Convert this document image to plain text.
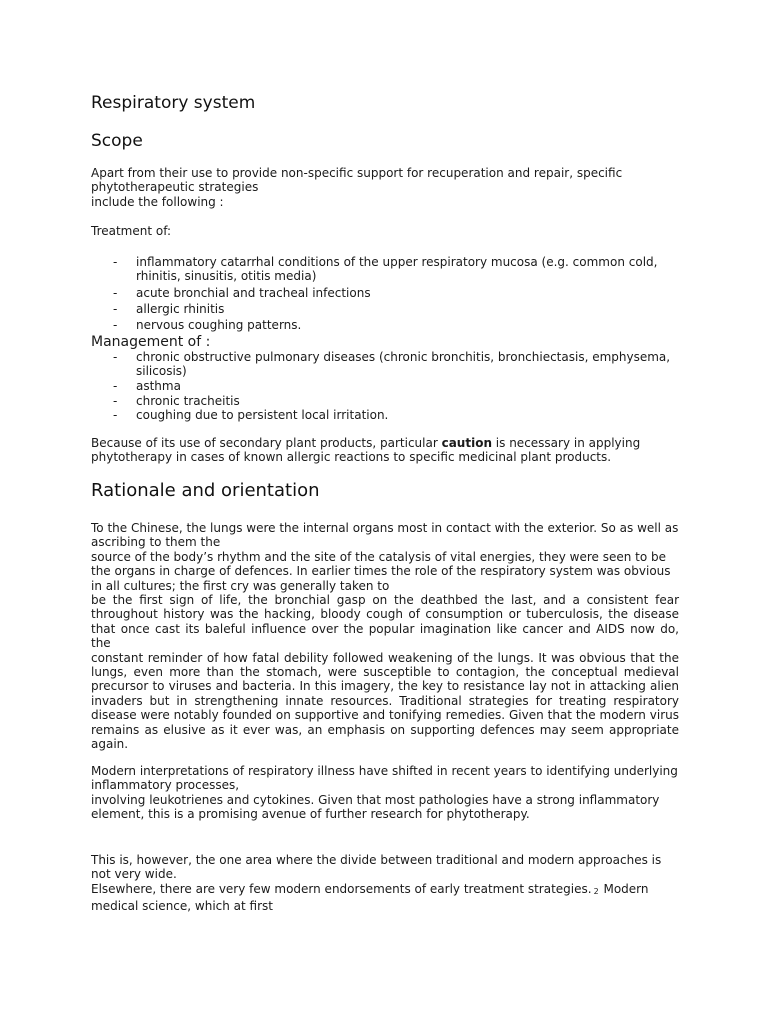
Respiratory system
Scope
Apart from their use to provide non-specific support for recuperation and repair, specific
phytotherapeutic strategies
include the following :
Treatment of:
- inflammatory catarrhal conditions of the upper respiratory mucosa (e.g. common cold,
rhinitis, sinusitis, otitis media)
- acute bronchial and tracheal infections
- allergic rhinitis
- nervous coughing patterns.
Management of :
- chronic obstructive pulmonary diseases (chronic bronchitis, bronchiectasis, emphysema,
silicosis)
- asthma
- chronic tracheitis
- coughing due to persistent local irritation.
Because of its use of secondary plant products, particular caution is necessary in applying
phytotherapy in cases of known allergic reactions to specific medicinal plant products.
Rationale and orientation
To the Chinese, the lungs were the internal organs most in contact with the exterior. So as well as
ascribing to them the
source of the body’s rhythm and the site of the catalysis of vital energies, they were seen to be
the organs in charge of defences. In earlier times the role of the respiratory system was obvious
in all cultures; the first cry was generally taken to
be the first sign of life, the bronchial gasp on the deathbed the last, and a consistent fear
throughout history was the hacking, bloody cough of consumption or tuberculosis, the disease
that once cast its baleful influence over the popular imagination like cancer and AIDS now do, the
constant reminder of how fatal debility followed weakening of the lungs. It was obvious that the
lungs, even more than the stomach, were susceptible to contagion, the conceptual medieval
precursor to viruses and bacteria. In this imagery, the key to resistance lay not in attacking alien
invaders but in strengthening innate resources. Traditional strategies for treating respiratory
disease were notably founded on supportive and tonifying remedies. Given that the modern virus
remains as elusive as it ever was, an emphasis on supporting defences may seem appropriate
again.
Modern interpretations of respiratory illness have shifted in recent years to identifying underlying
inflammatory processes,
involving leukotrienes and cytokines. Given that most pathologies have a strong inflammatory
element, this is a promising avenue of further research for phytotherapy.
This is, however, the one area where the divide between traditional and modern approaches is
not very wide.
Elsewhere, there are very few modern endorsements of early treatment strategies. $^2$ Modern
medical science, which at first
